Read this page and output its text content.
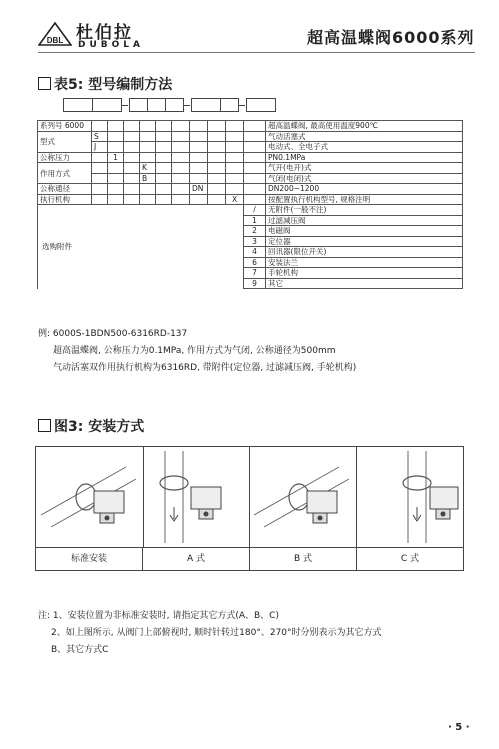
DBL 杜伯拉
DUBOLA	超高温蝶阀6000系列
表5: 型号编制方法
系列号 6000											超高温蝶阀, 最高使用温度900℃
型式	S										气动活塞式
	J										电动式、全电子式
公称压力		1									PN0.1MPa
作用方式				K							气开(电开)式
				B							气闭(电闭)式
公称通径							DN				DN200~1200
执行机构									X		按配置执行机构型号, 规格注明
选购附件										/	无附件(一般不注)
										1	过滤减压阀
										2	电磁阀
										3	定位器
										4	回讯器(限位开关)
										6	安装法兰
										7	手轮机构
										9	其它
例: 6000S-1BDN500-6316RD-137
超高温蝶阀, 公称压力为0.1MPa, 作用方式为气闭, 公称通径为500mm
气动活塞双作用执行机构为6316RD, 带附件(定位器, 过滤减压阀, 手轮机构)
图3: 安装方式
标准安装	A 式	B 式	C 式
注: 1、安装位置为非标准安装时, 请指定其它方式(A、B、C)
2、如上图所示, 从阀门上部俯视时, 顺时针转过180°、270°时分别表示为其它方式
B、其它方式C
· 5 ·
